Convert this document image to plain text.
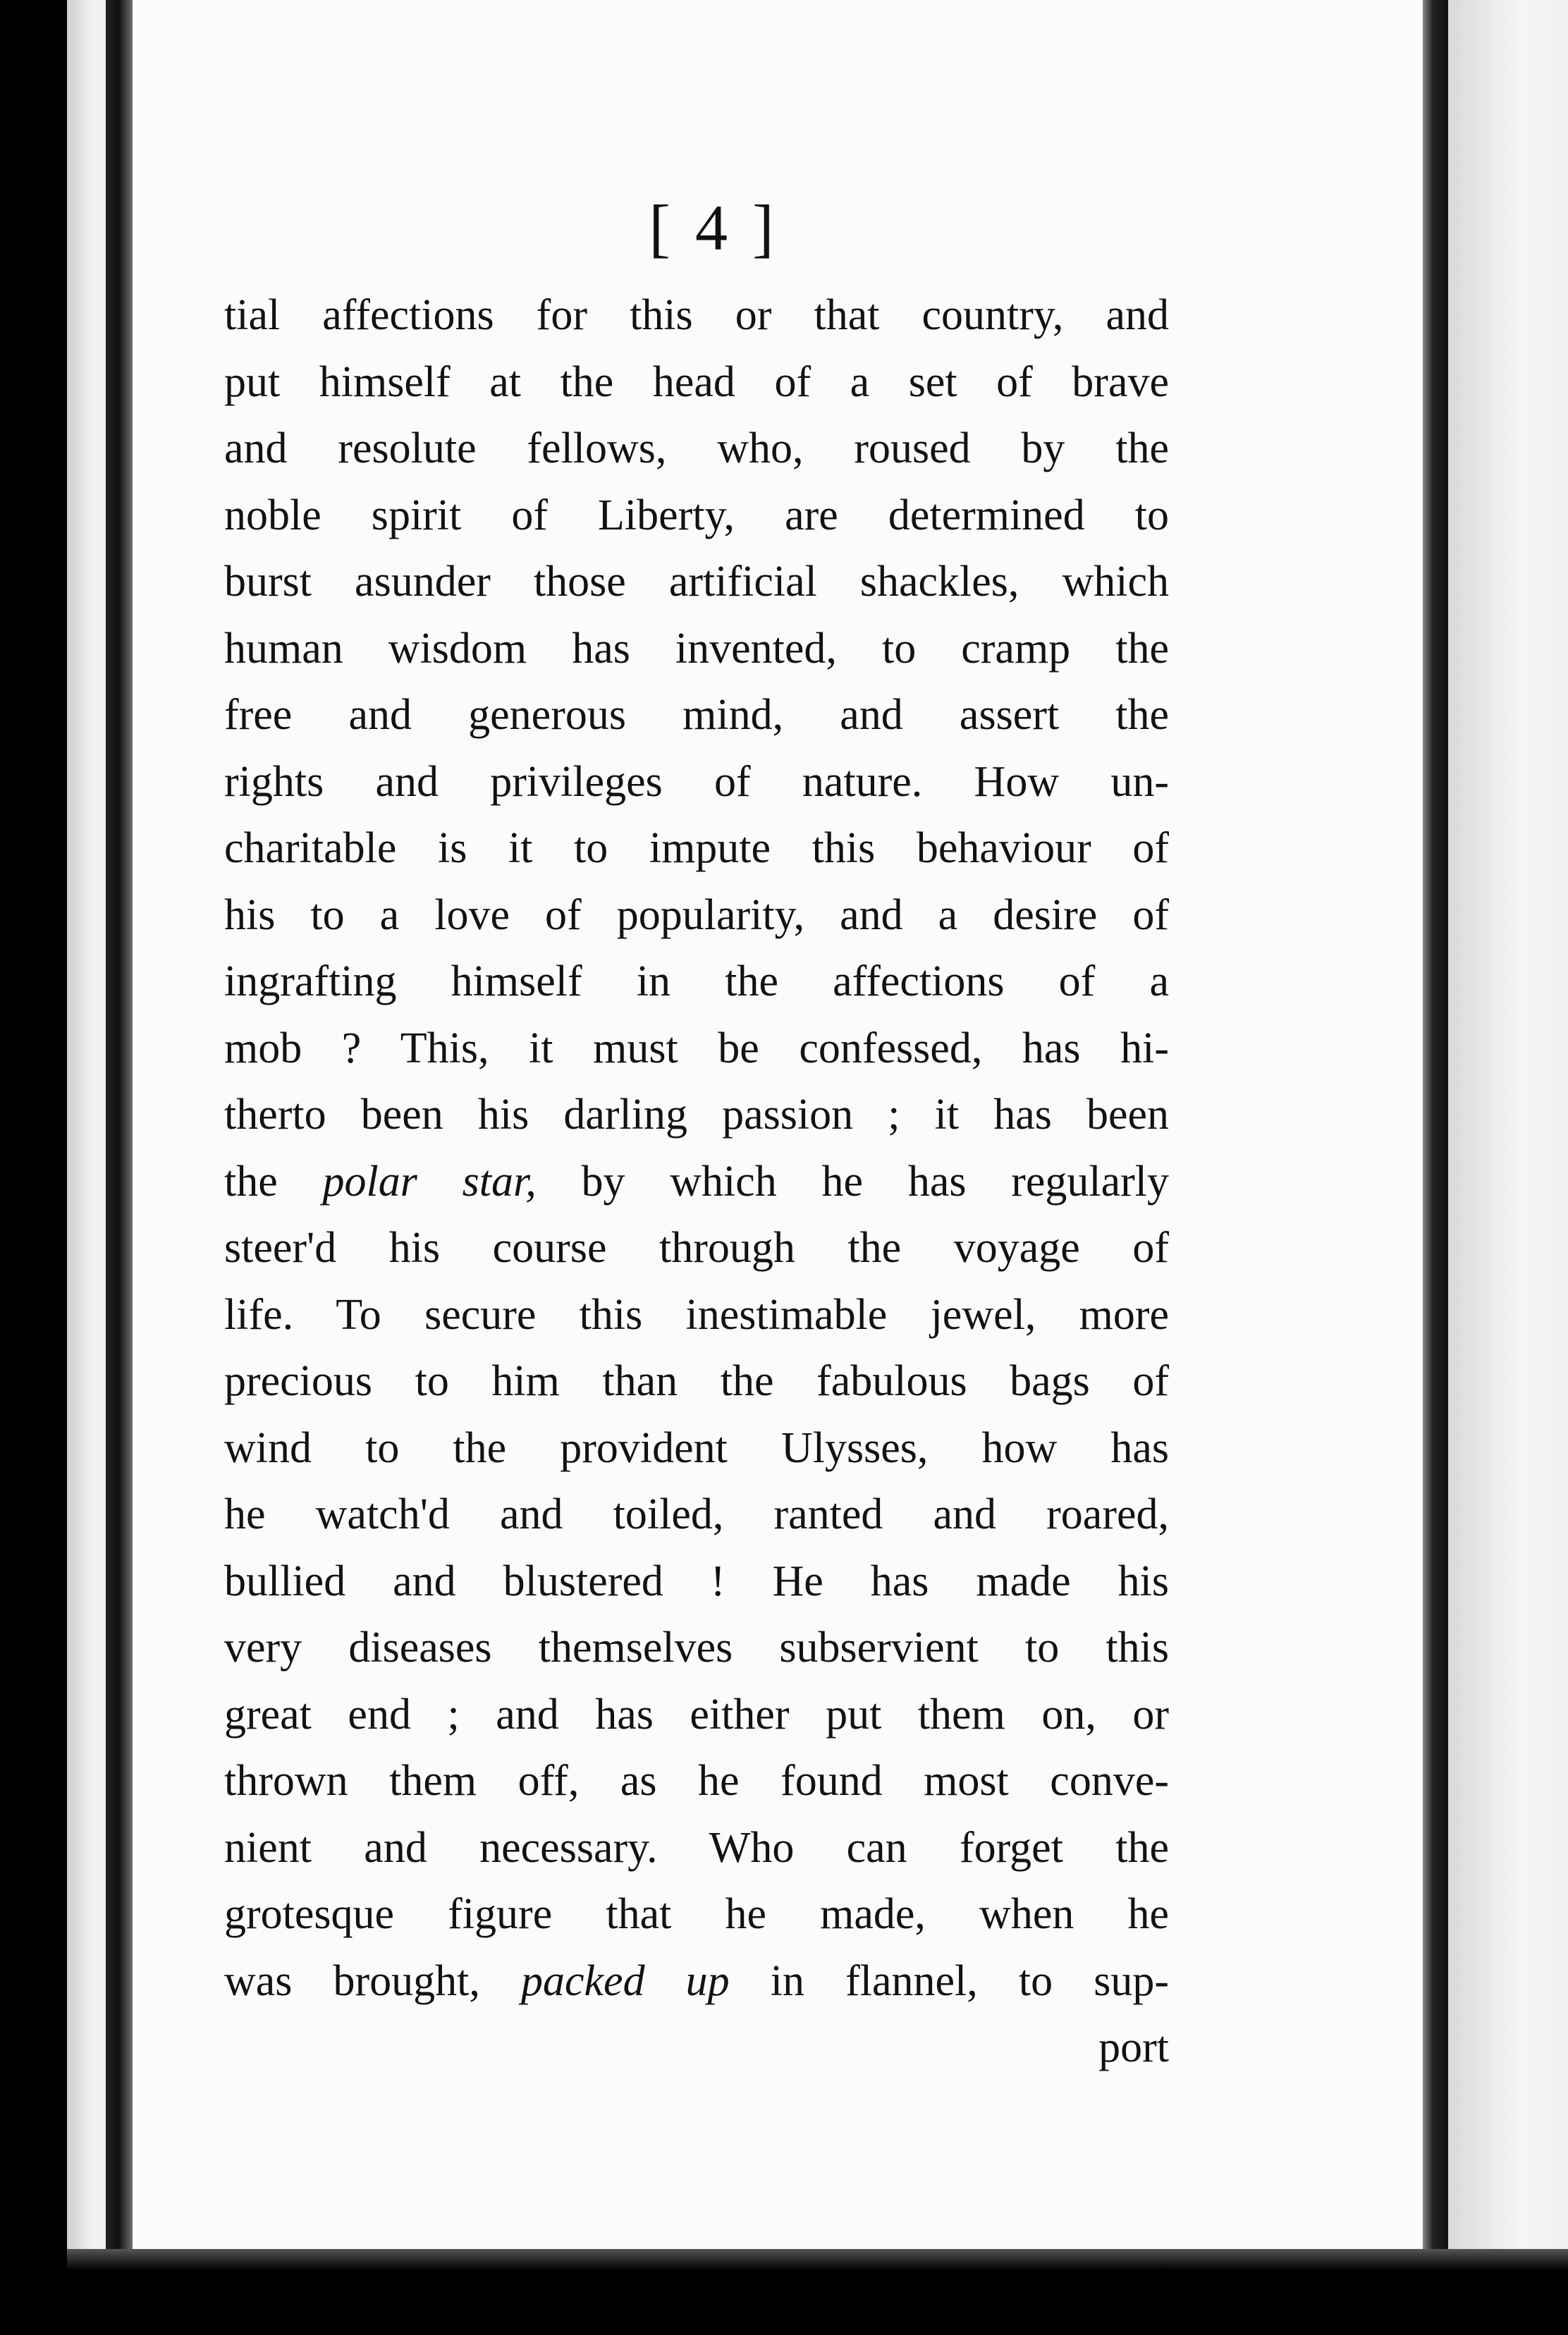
[ 4 ]
tial affections for this or that country, and
put himself at the head of a set of brave
and resolute fellows, who, roused by the
noble spirit of Liberty, are determined to
burst asunder those artificial shackles, which
human wisdom has invented, to cramp the
free and generous mind, and assert the
rights and privileges of nature. How un-
charitable is it to impute this behaviour of
his to a love of popularity, and a desire of
ingrafting himself in the affections of a
mob ? This, it must be confessed, has hi-
therto been his darling passion ; it has been
the polar star, by which he has regularly
steer'd his course through the voyage of
life. To secure this inestimable jewel, more
precious to him than the fabulous bags of
wind to the provident Ulysses, how has
he watch'd and toiled, ranted and roared,
bullied and blustered ! He has made his
very diseases themselves subservient to this
great end ; and has either put them on, or
thrown them off, as he found most conve-
nient and necessary. Who can forget the
grotesque figure that he made, when he
was brought, packed up in flannel, to sup-
port
